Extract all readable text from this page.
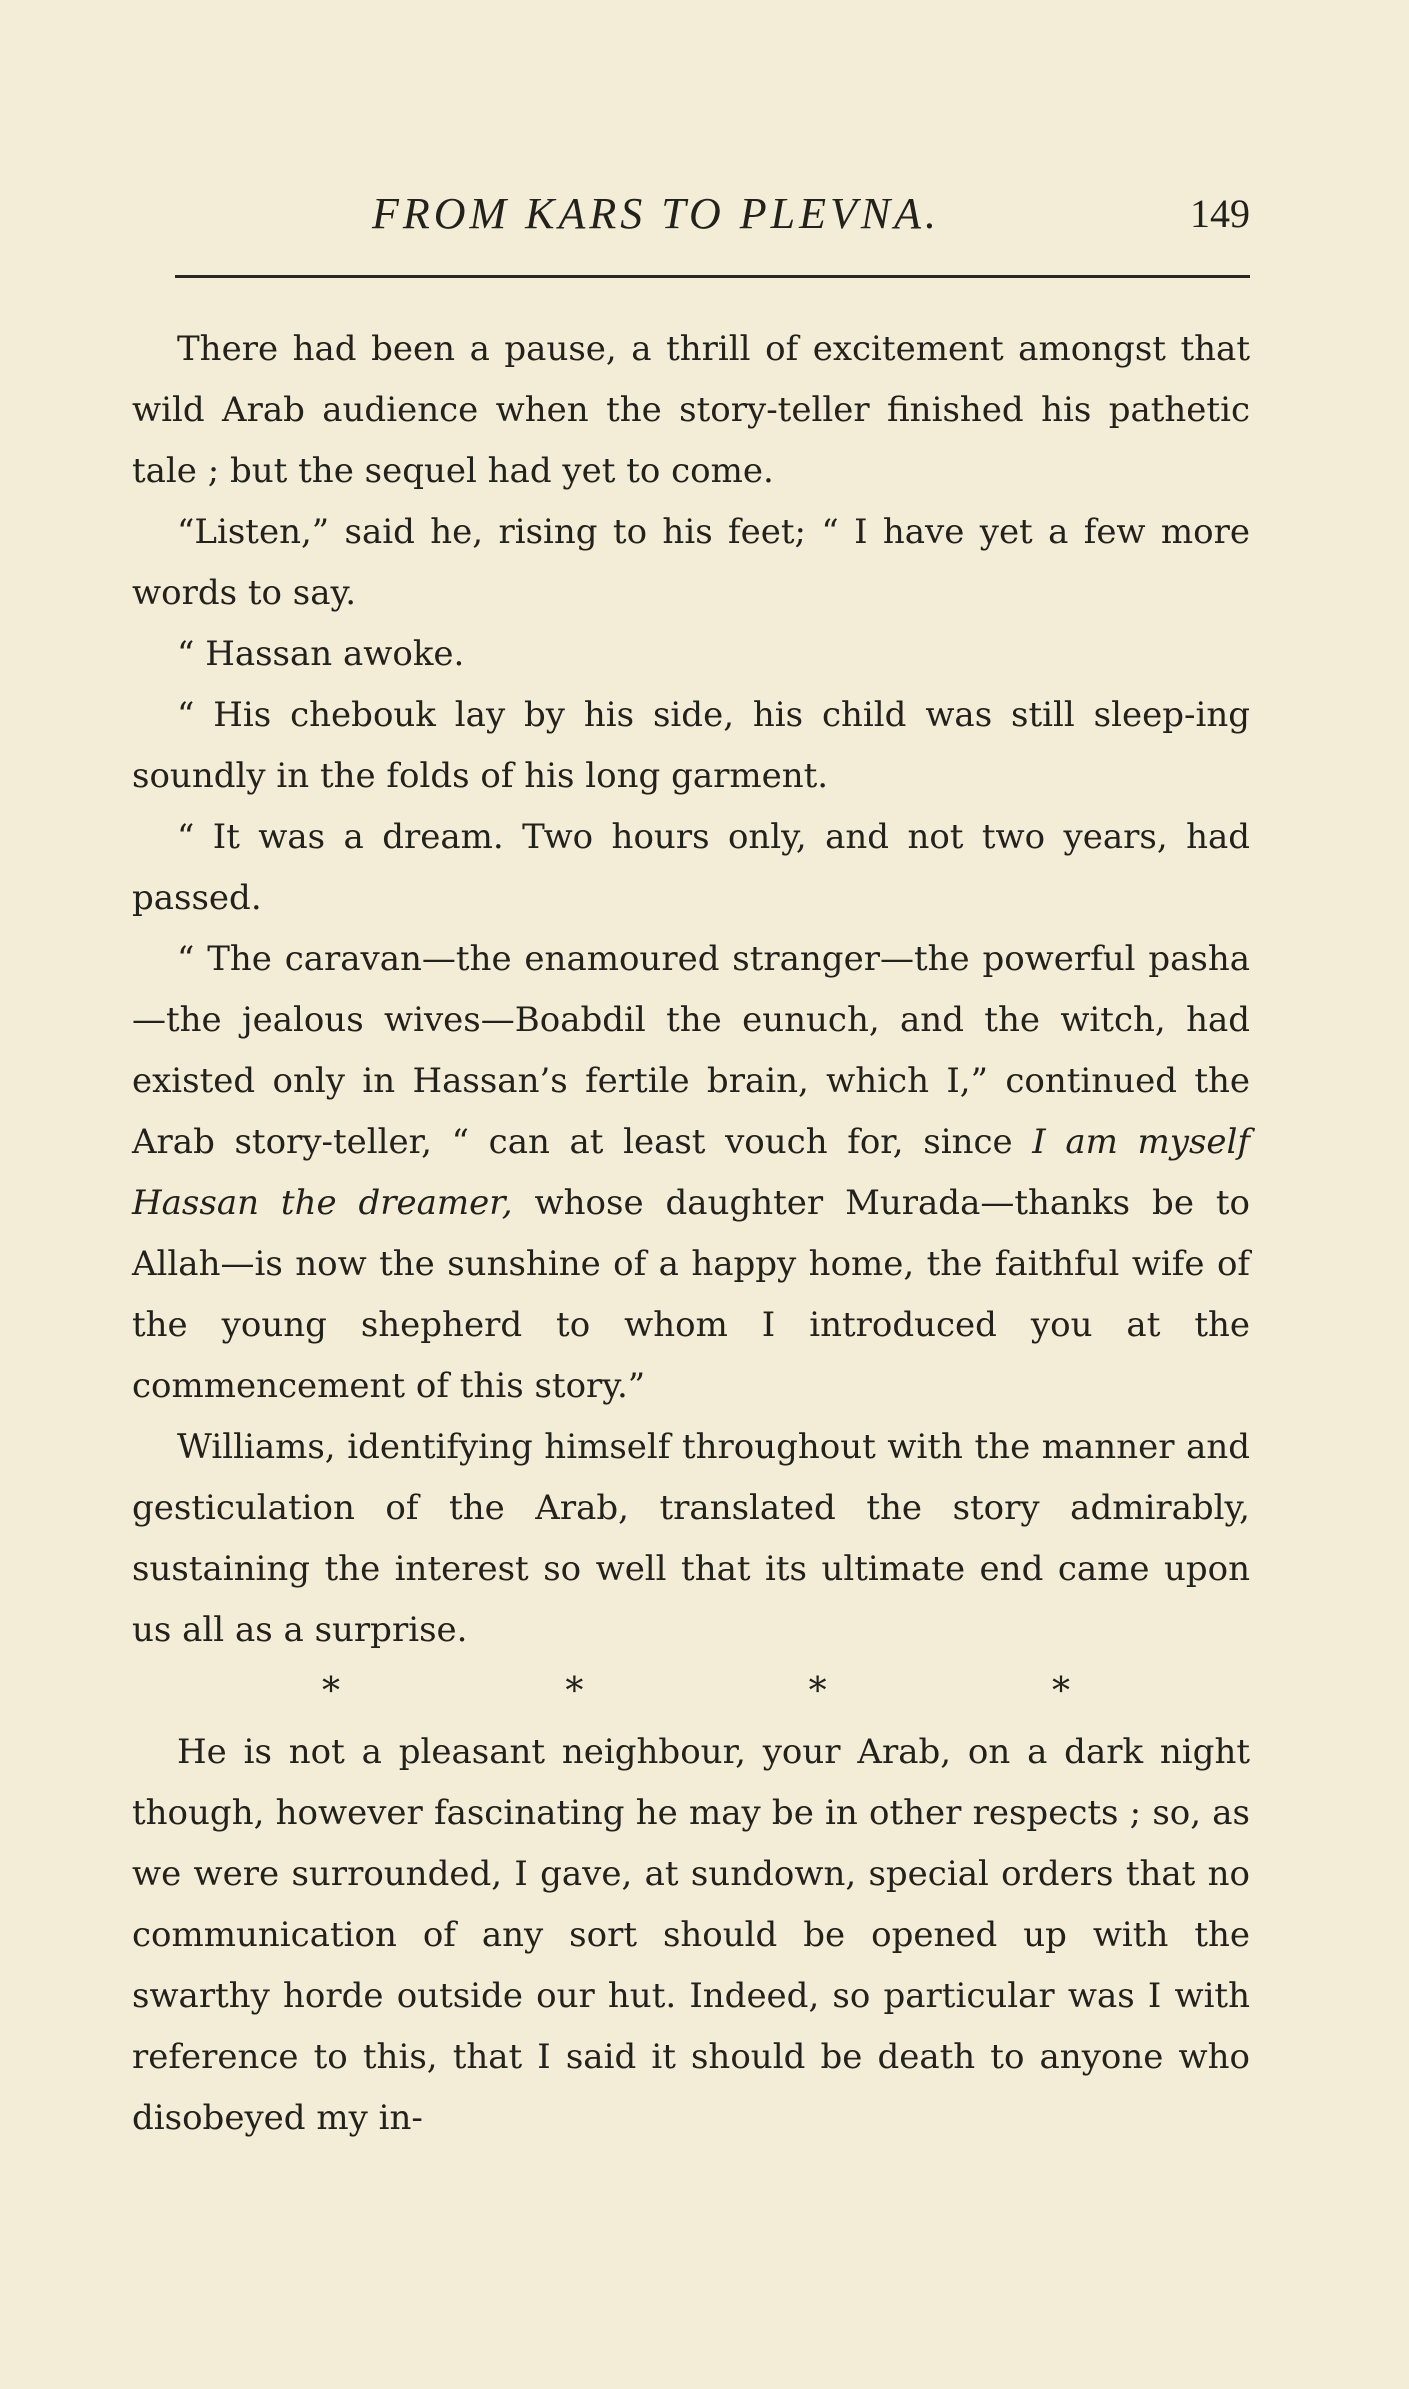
FROM KARS TO PLEVNA.	149

There had been a pause, a thrill of excitement amongst that wild Arab audience when the story-teller finished his pathetic tale ; but the sequel had yet to come.

“Listen,” said he, rising to his feet; “ I have yet a few more words to say.

“ Hassan awoke.

“ His chebouk lay by his side, his child was still sleep-ing soundly in the folds of his long garment.

“ It was a dream. Two hours only, and not two years, had passed.

“ The caravan—the enamoured stranger—the powerful pasha—the jealous wives—Boabdil the eunuch, and the witch, had existed only in Hassan’s fertile brain, which I,” continued the Arab story-teller, “ can at least vouch for, since I am myself Hassan the dreamer, whose daughter Murada—thanks be to Allah—is now the sunshine of a happy home, the faithful wife of the young shepherd to whom I introduced you at the commencement of this story.”

Williams, identifying himself throughout with the manner and gesticulation of the Arab, translated the story admirably, sustaining the interest so well that its ultimate end came upon us all as a surprise.

*	*	*	*

He is not a pleasant neighbour, your Arab, on a dark night though, however fascinating he may be in other respects ; so, as we were surrounded, I gave, at sundown, special orders that no communication of any sort should be opened up with the swarthy horde outside our hut. Indeed, so particular was I with reference to this, that I said it should be death to anyone who disobeyed my in-
